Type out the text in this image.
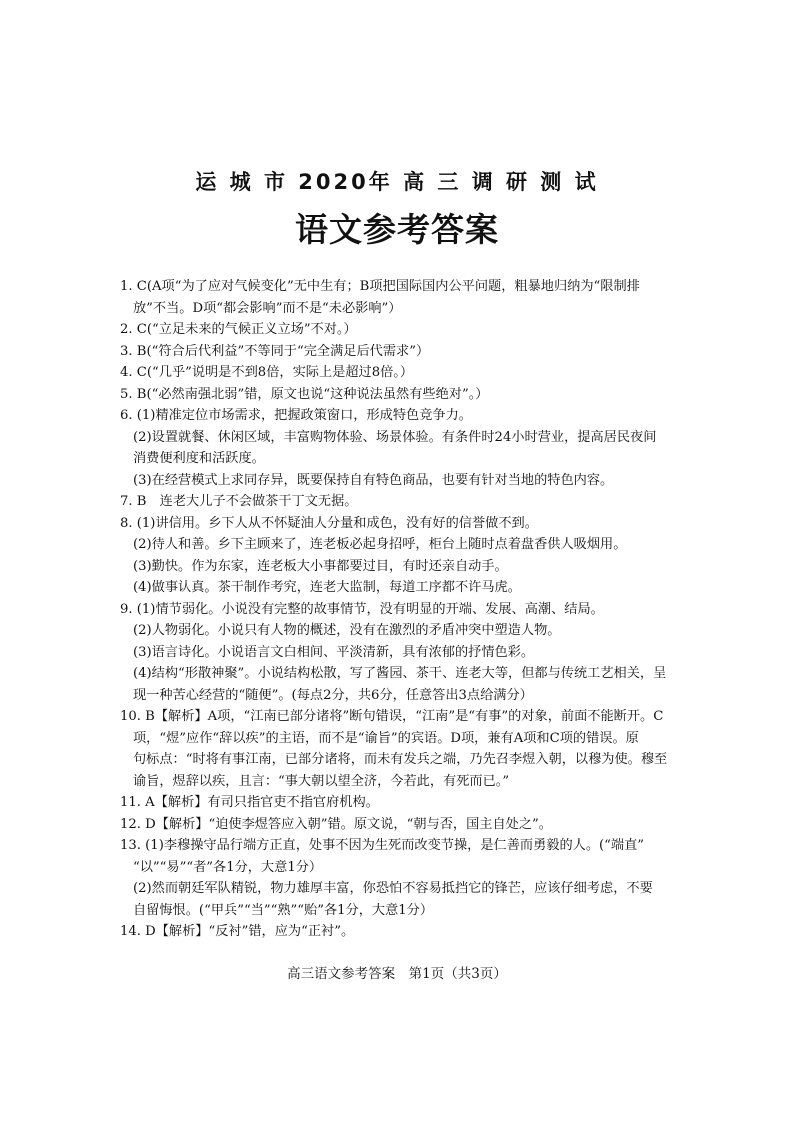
运 城 市 2020年 高 三 调 研 测 试
语文参考答案
1. C(A项“为了应对气候变化”无中生有；B项把国际国内公平问题，粗暴地归纳为“限制排
放”不当。D项“都会影响”而不是“未必影响”）
2. C(“立足未来的气候正义立场”不对。）
3. B(“符合后代利益”不等同于“完全满足后代需求”）
4. C(“几乎”说明是不到8倍，实际上是超过8倍。）
5. B(“必然南强北弱”错，原文也说“这种说法虽然有些绝对”。）
6. (1)精准定位市场需求，把握政策窗口，形成特色竞争力。
(2)设置就餐、休闲区域，丰富购物体验、场景体验。有条件时24小时营业，提高居民夜间
消费便利度和活跃度。
(3)在经营模式上求同存异，既要保持自有特色商品，也要有针对当地的特色内容。
7. B　连老大儿子不会做茶干丁文无据。
8. (1)讲信用。乡下人从不怀疑油人分量和成色，没有好的信誉做不到。
(2)待人和善。乡下主顾来了，连老板必起身招呼，柜台上随时点着盘香供人吸烟用。
(3)勤快。作为东家，连老板大小事都要过目，有时还亲自动手。
(4)做事认真。茶干制作考究，连老大监制，每道工序都不许马虎。
9. (1)情节弱化。小说没有完整的故事情节，没有明显的开端、发展、高潮、结局。
(2)人物弱化。小说只有人物的概述，没有在激烈的矛盾冲突中塑造人物。
(3)语言诗化。小说语言文白相间、平淡清新，具有浓郁的抒情色彩。
(4)结构“形散神聚”。小说结构松散，写了酱园、茶干、连老大等，但都与传统工艺相关，呈
现一种苦心经营的“随便”。(每点2分，共6分，任意答出3点给满分）
10. B【解析】A项，“江南已部分诸将”断句错误，“江南”是“有事”的对象，前面不能断开。C
项，“煜”应作“辞以疾”的主语，而不是“谕旨”的宾语。D项，兼有A项和C项的错误。原
句标点：“时将有事江南，已部分诸将，而未有发兵之端，乃先召李煜入朝，以穆为使。穆至
谕旨，煜辞以疾，且言：“事大朝以望全济，今若此，有死而已。”
11. A【解析】有司只指官吏不指官府机构。
12. D【解析】“迫使李煜答应入朝”错。原文说，“朝与否，国主自处之”。
13. (1)李穆操守品行端方正直，处事不因为生死而改变节操，是仁善而勇毅的人。(“端直”
“以”“易”“者”各1分，大意1分）
(2)然而朝廷军队精锐，物力雄厚丰富，你恐怕不容易抵挡它的锋芒，应该仔细考虑，不要
自留悔恨。(“甲兵”“当”“熟”“贻”各1分，大意1分）
14. D【解析】“反衬”错，应为“正衬”。
高三语文参考答案　第1页（共3页）
